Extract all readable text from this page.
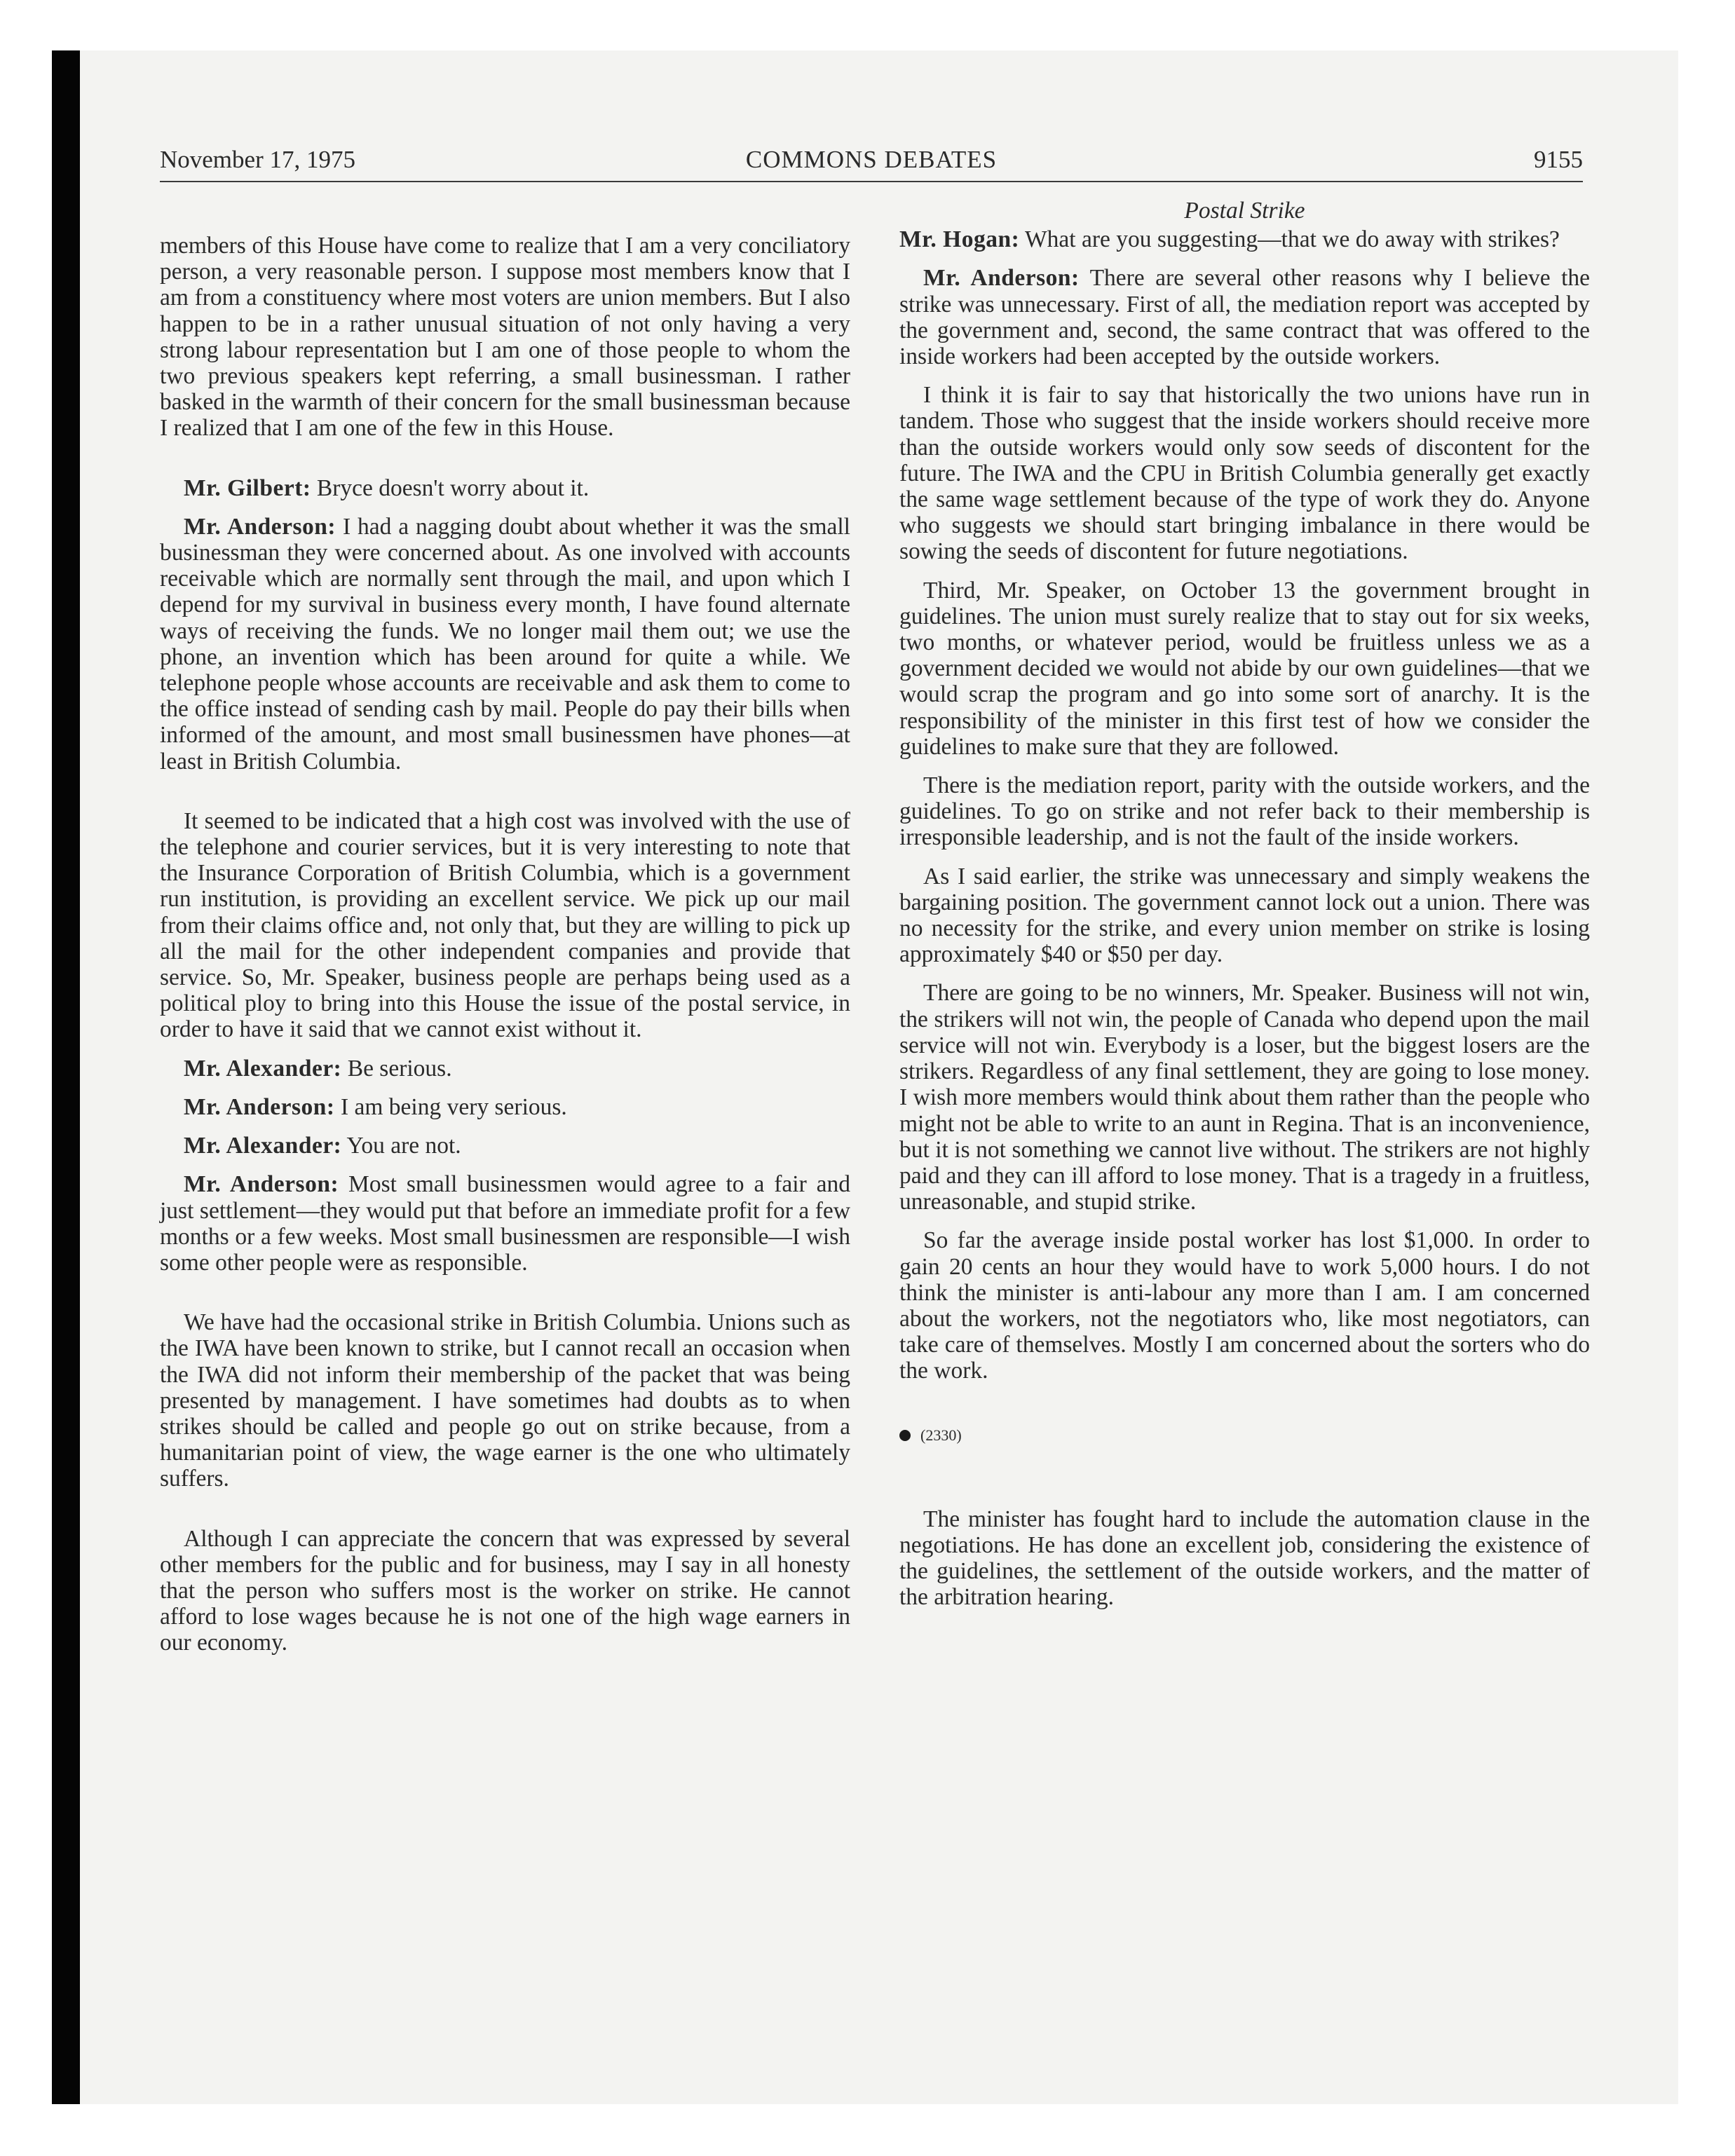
November 17, 1975	COMMONS DEBATES	9155

members of this House have come to realize that I am a very conciliatory person, a very reasonable person. I suppose most members know that I am from a constituency where most voters are union members. But I also happen to be in a rather unusual situation of not only having a very strong labour representation but I am one of those people to whom the two previous speakers kept referring, a small businessman. I rather basked in the warmth of their concern for the small businessman because I realized that I am one of the few in this House.

Mr. Gilbert: Bryce doesn't worry about it.

Mr. Anderson: I had a nagging doubt about whether it was the small businessman they were concerned about. As one involved with accounts receivable which are normally sent through the mail, and upon which I depend for my survival in business every month, I have found alternate ways of receiving the funds. We no longer mail them out; we use the phone, an invention which has been around for quite a while. We telephone people whose accounts are receivable and ask them to come to the office instead of sending cash by mail. People do pay their bills when informed of the amount, and most small businessmen have phones—at least in British Columbia.

It seemed to be indicated that a high cost was involved with the use of the telephone and courier services, but it is very interesting to note that the Insurance Corporation of British Columbia, which is a government run institution, is providing an excellent service. We pick up our mail from their claims office and, not only that, but they are willing to pick up all the mail for the other independent companies and provide that service. So, Mr. Speaker, business people are perhaps being used as a political ploy to bring into this House the issue of the postal service, in order to have it said that we cannot exist without it.

Mr. Alexander: Be serious.

Mr. Anderson: I am being very serious.

Mr. Alexander: You are not.

Mr. Anderson: Most small businessmen would agree to a fair and just settlement—they would put that before an immediate profit for a few months or a few weeks. Most small businessmen are responsible—I wish some other people were as responsible.

We have had the occasional strike in British Columbia. Unions such as the IWA have been known to strike, but I cannot recall an occasion when the IWA did not inform their membership of the packet that was being presented by management. I have sometimes had doubts as to when strikes should be called and people go out on strike because, from a humanitarian point of view, the wage earner is the one who ultimately suffers.

Although I can appreciate the concern that was expressed by several other members for the public and for business, may I say in all honesty that the person who suffers most is the worker on strike. He cannot afford to lose wages because he is not one of the high wage earners in our economy.

Postal Strike

Mr. Hogan: What are you suggesting—that we do away with strikes?

Mr. Anderson: There are several other reasons why I believe the strike was unnecessary. First of all, the mediation report was accepted by the government and, second, the same contract that was offered to the inside workers had been accepted by the outside workers.

I think it is fair to say that historically the two unions have run in tandem. Those who suggest that the inside workers should receive more than the outside workers would only sow seeds of discontent for the future. The IWA and the CPU in British Columbia generally get exactly the same wage settlement because of the type of work they do. Anyone who suggests we should start bringing imbalance in there would be sowing the seeds of discontent for future negotiations.

Third, Mr. Speaker, on October 13 the government brought in guidelines. The union must surely realize that to stay out for six weeks, two months, or whatever period, would be fruitless unless we as a government decided we would not abide by our own guidelines—that we would scrap the program and go into some sort of anarchy. It is the responsibility of the minister in this first test of how we consider the guidelines to make sure that they are followed.

There is the mediation report, parity with the outside workers, and the guidelines. To go on strike and not refer back to their membership is irresponsible leadership, and is not the fault of the inside workers.

As I said earlier, the strike was unnecessary and simply weakens the bargaining position. The government cannot lock out a union. There was no necessity for the strike, and every union member on strike is losing approximately $40 or $50 per day.

There are going to be no winners, Mr. Speaker. Business will not win, the strikers will not win, the people of Canada who depend upon the mail service will not win. Everybody is a loser, but the biggest losers are the strikers. Regardless of any final settlement, they are going to lose money. I wish more members would think about them rather than the people who might not be able to write to an aunt in Regina. That is an inconvenience, but it is not something we cannot live without. The strikers are not highly paid and they can ill afford to lose money. That is a tragedy in a fruitless, unreasonable, and stupid strike.

So far the average inside postal worker has lost $1,000. In order to gain 20 cents an hour they would have to work 5,000 hours. I do not think the minister is anti-labour any more than I am. I am concerned about the workers, not the negotiators who, like most negotiators, can take care of themselves. Mostly I am concerned about the sorters who do the work.

(2330)

The minister has fought hard to include the automation clause in the negotiations. He has done an excellent job, considering the existence of the guidelines, the settlement of the outside workers, and the matter of the arbitration hearing.
